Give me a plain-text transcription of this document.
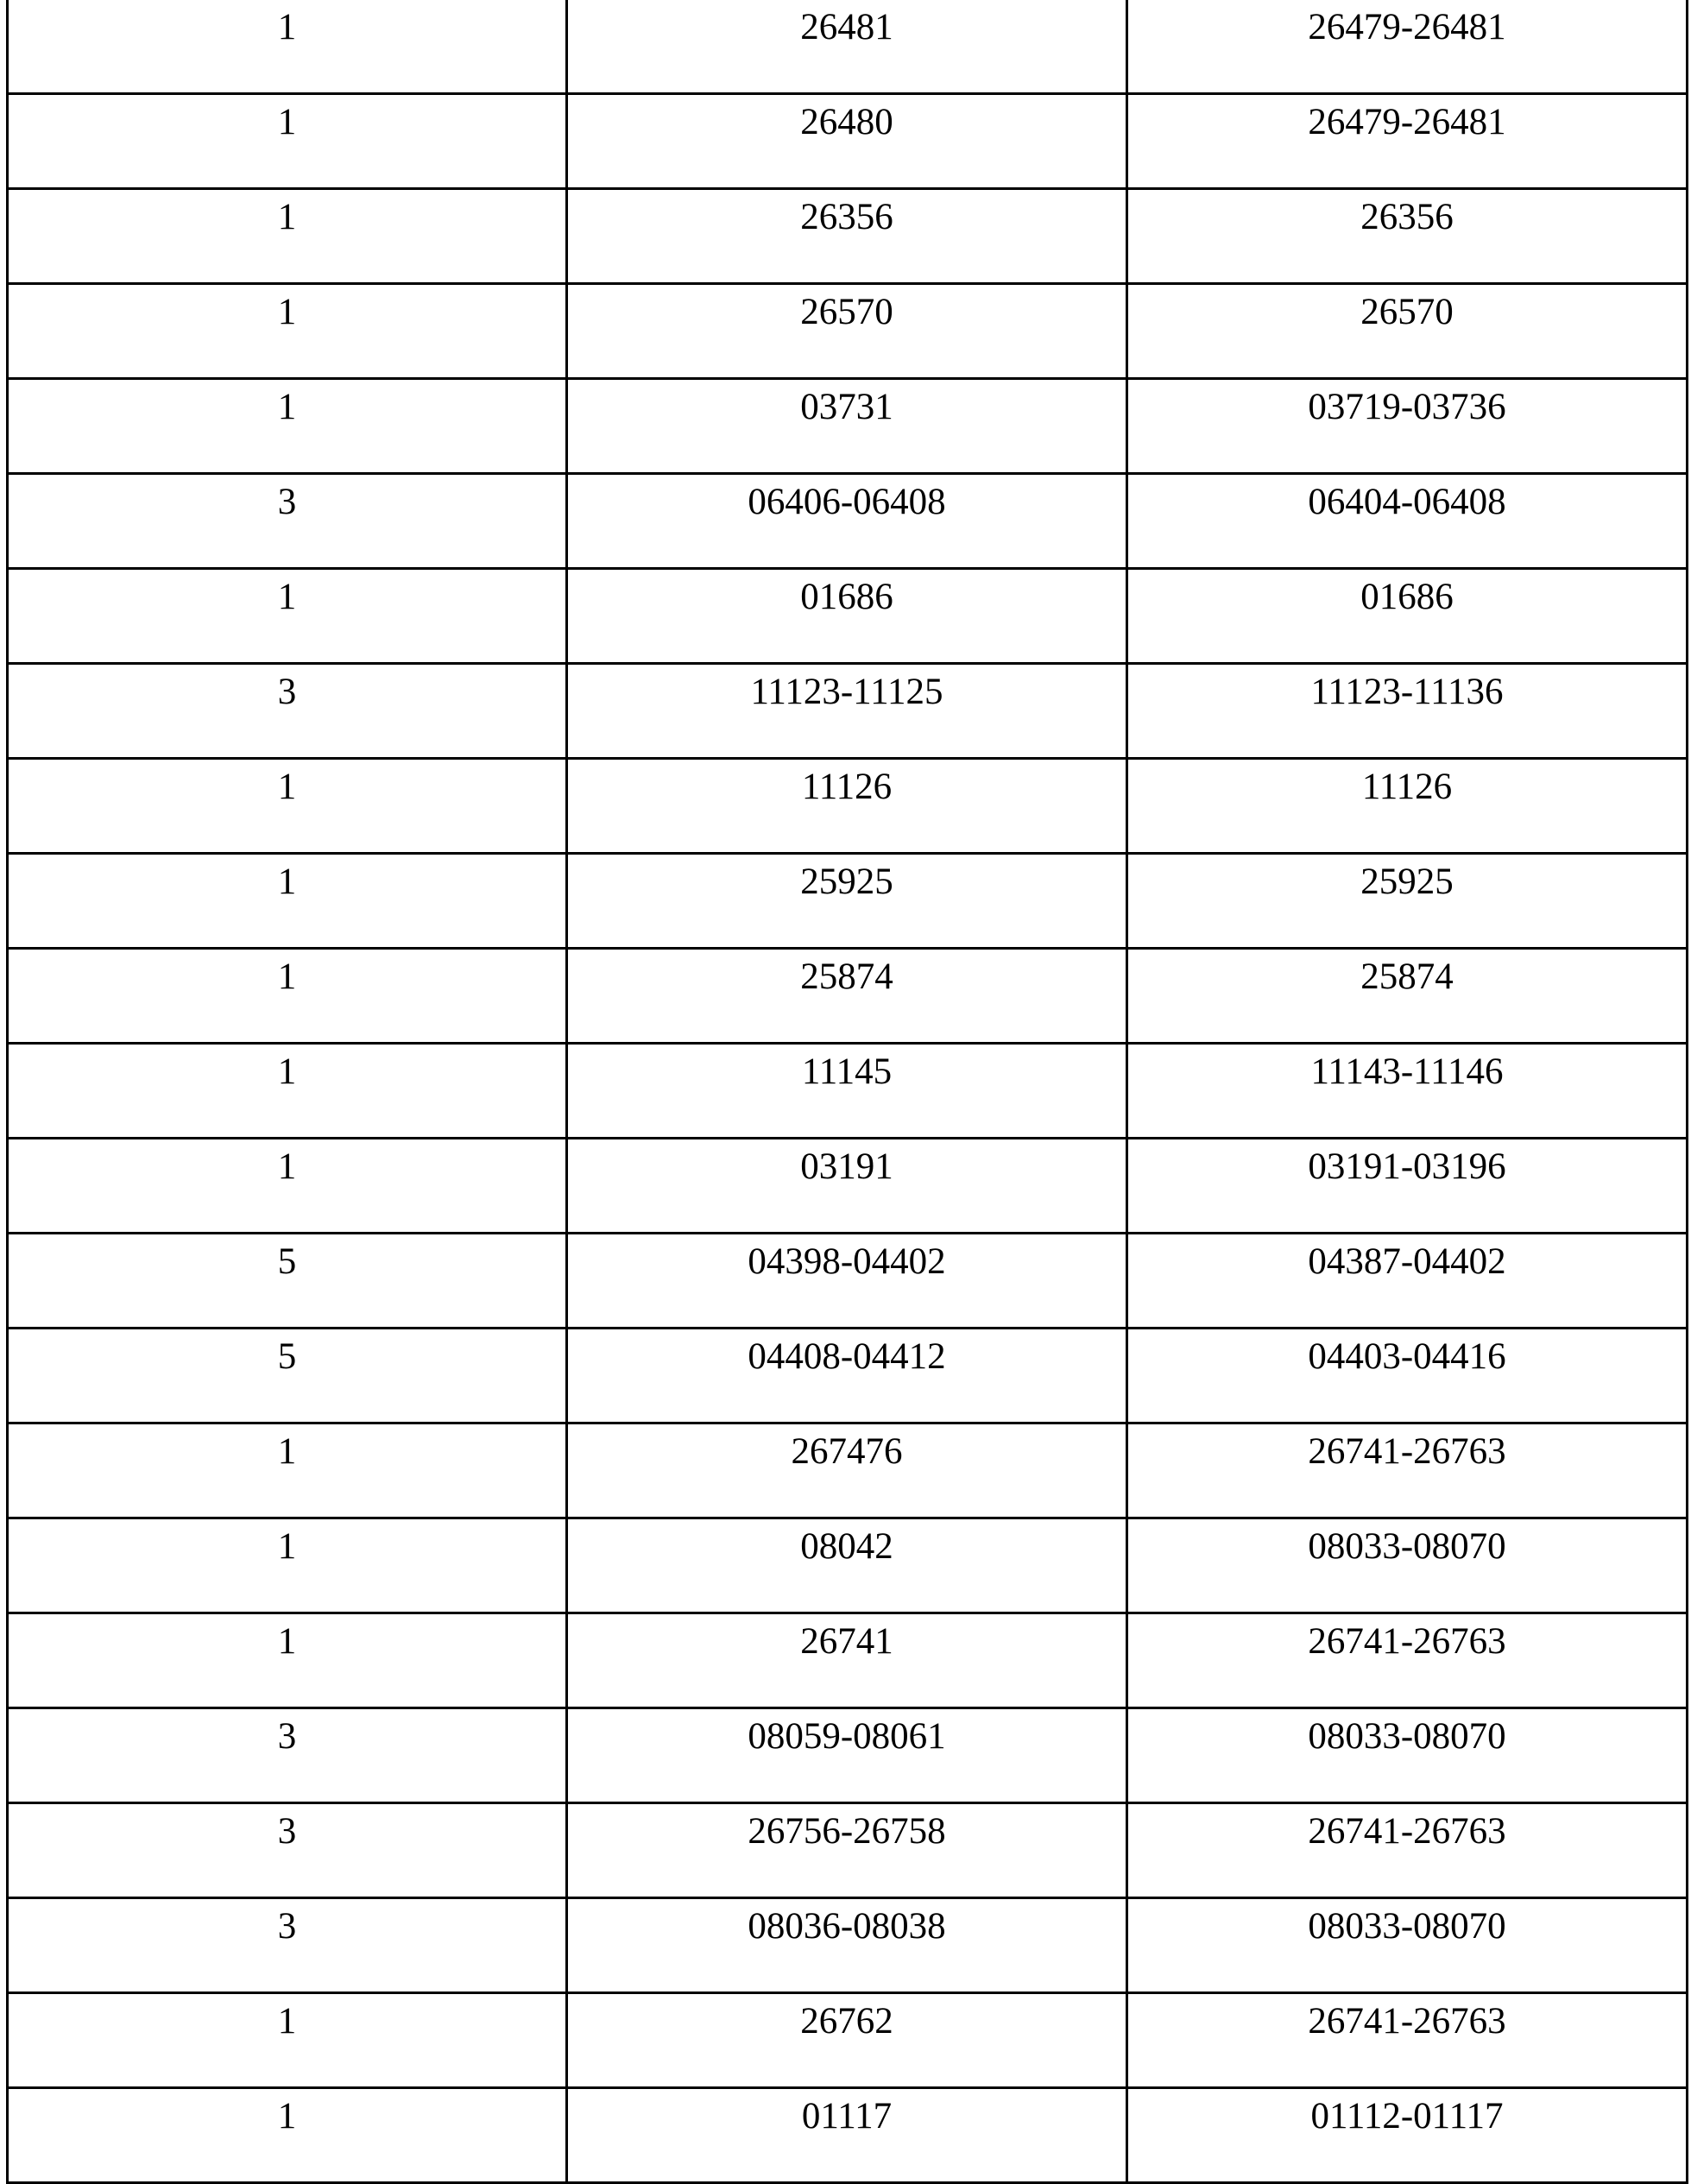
1	26481	26479-26481

1	26480	26479-26481

1	26356	26356

1	26570	26570

1	03731	03719-03736

3	06406-06408	06404-06408

1	01686	01686

3	11123-11125	11123-11136

1	11126	11126

1	25925	25925

1	25874	25874

1	11145	11143-11146

1	03191	03191-03196

5	04398-04402	04387-04402

5	04408-04412	04403-04416

1	267476	26741-26763

1	08042	08033-08070

1	26741	26741-26763

3	08059-08061	08033-08070

3	26756-26758	26741-26763

3	08036-08038	08033-08070

1	26762	26741-26763

1	01117	01112-01117
